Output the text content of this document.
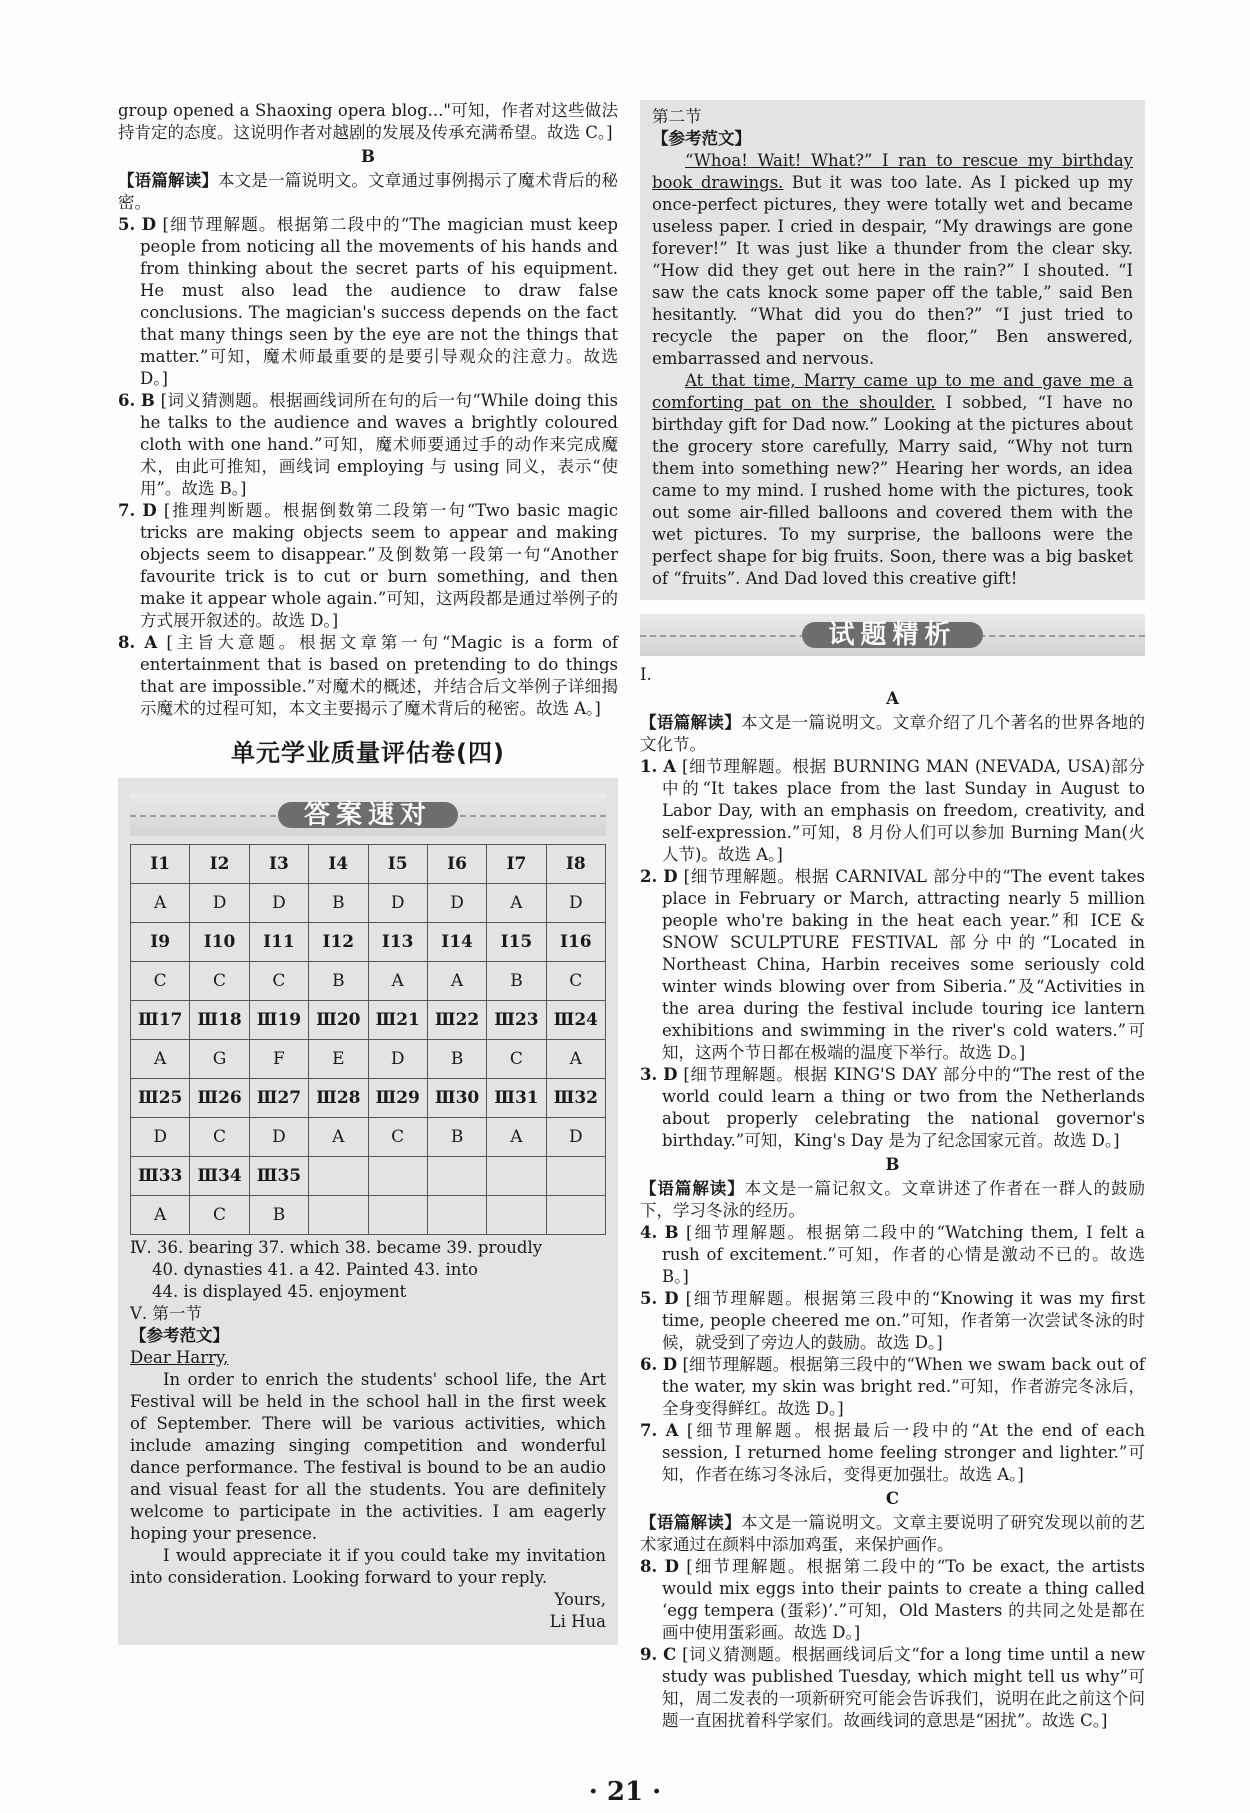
group opened a Shaoxing opera blog..."可知，作者对这些做法持肯定的态度。这说明作者对越剧的发展及传承充满希望。故选 C。]

B

【语篇解读】本文是一篇说明文。文章通过事例揭示了魔术背后的秘密。

5. D [细节理解题。根据第二段中的“The magician must keep people from noticing all the movements of his hands and from thinking about the secret parts of his equipment. He must also lead the audience to draw false conclusions. The magician's success depends on the fact that many things seen by the eye are not the things that matter.”可知，魔术师最重要的是要引导观众的注意力。故选 D。]

6. B [词义猜测题。根据画线词所在句的后一句“While doing this he talks to the audience and waves a brightly coloured cloth with one hand.”可知，魔术师要通过手的动作来完成魔术，由此可推知，画线词 employing 与 using 同义，表示“使用”。故选 B。]

7. D [推理判断题。根据倒数第二段第一句“Two basic magic tricks are making objects seem to appear and making objects seem to disappear.”及倒数第一段第一句“Another favourite trick is to cut or burn something, and then make it appear whole again.”可知，这两段都是通过举例子的方式展开叙述的。故选 D。]

8. A [主旨大意题。根据文章第一句“Magic is a form of entertainment that is based on pretending to do things that are impossible.”对魔术的概述，并结合后文举例子详细揭示魔术的过程可知，本文主要揭示了魔术背后的秘密。故选 A。]

单元学业质量评估卷(四)
答案速对
Ⅰ1	Ⅰ2	Ⅰ3	Ⅰ4	Ⅰ5	Ⅰ6	Ⅰ7	Ⅰ8
A	D	D	B	D	D	A	D
Ⅰ9	Ⅰ10	Ⅰ11	Ⅰ12	Ⅰ13	Ⅰ14	Ⅰ15	Ⅰ16
C	C	C	B	A	A	B	C
Ⅲ17	Ⅲ18	Ⅲ19	Ⅲ20	Ⅲ21	Ⅲ22	Ⅲ23	Ⅲ24
A	G	F	E	D	B	C	A
Ⅲ25	Ⅲ26	Ⅲ27	Ⅲ28	Ⅲ29	Ⅲ30	Ⅲ31	Ⅲ32
D	C	D	A	C	B	A	D
Ⅲ33	Ⅲ34	Ⅲ35					
A	C	B					

Ⅳ. 36. bearing 37. which 38. became 39. proudly

40. dynasties 41. a 42. Painted 43. into

44. is displayed 45. enjoyment

Ⅴ. 第一节

【参考范文】

Dear Harry,

In order to enrich the students' school life, the Art Festival will be held in the school hall in the first week of September. There will be various activities, which include amazing singing competition and wonderful dance performance. The festival is bound to be an audio and visual feast for all the students. You are definitely welcome to participate in the activities. I am eagerly hoping your presence.

I would appreciate it if you could take my invitation into consideration. Looking forward to your reply.

Yours,

Li Hua

第二节

【参考范文】

“Whoa! Wait! What?” I ran to rescue my birthday book drawings. But it was too late. As I picked up my once-perfect pictures, they were totally wet and became useless paper. I cried in despair, “My drawings are gone forever!” It was just like a thunder from the clear sky. “How did they get out here in the rain?” I shouted. “I saw the cats knock some paper off the table,” said Ben hesitantly. “What did you do then?” “I just tried to recycle the paper on the floor,” Ben answered, embarrassed and nervous.

At that time, Marry came up to me and gave me a comforting pat on the shoulder. I sobbed, “I have no birthday gift for Dad now.” Looking at the pictures about the grocery store carefully, Marry said, “Why not turn them into something new?” Hearing her words, an idea came to my mind. I rushed home with the pictures, took out some air-filled balloons and covered them with the wet pictures. To my surprise, the balloons were the perfect shape for big fruits. Soon, there was a big basket of “fruits”. And Dad loved this creative gift!

试题精析

Ⅰ.

A

【语篇解读】本文是一篇说明文。文章介绍了几个著名的世界各地的文化节。

1. A [细节理解题。根据 BURNING MAN (NEVADA, USA)部分中的“It takes place from the last Sunday in August to Labor Day, with an emphasis on freedom, creativity, and self-expression.”可知，8 月份人们可以参加 Burning Man(火人节)。故选 A。]

2. D [细节理解题。根据 CARNIVAL 部分中的“The event takes place in February or March, attracting nearly 5 million people who're baking in the heat each year.”和 ICE & SNOW SCULPTURE FESTIVAL 部分中的“Located in Northeast China, Harbin receives some seriously cold winter winds blowing over from Siberia.”及“Activities in the area during the festival include touring ice lantern exhibitions and swimming in the river's cold waters.”可知，这两个节日都在极端的温度下举行。故选 D。]

3. D [细节理解题。根据 KING'S DAY 部分中的“The rest of the world could learn a thing or two from the Netherlands about properly celebrating the national governor's birthday.”可知，King's Day 是为了纪念国家元首。故选 D。]

B

【语篇解读】本文是一篇记叙文。文章讲述了作者在一群人的鼓励下，学习冬泳的经历。

4. B [细节理解题。根据第二段中的“Watching them, I felt a rush of excitement.”可知，作者的心情是激动不已的。故选 B。]

5. D [细节理解题。根据第三段中的“Knowing it was my first time, people cheered me on.”可知，作者第一次尝试冬泳的时候，就受到了旁边人的鼓励。故选 D。]

6. D [细节理解题。根据第三段中的“When we swam back out of the water, my skin was bright red.”可知，作者游完冬泳后，全身变得鲜红。故选 D。]

7. A [细节理解题。根据最后一段中的“At the end of each session, I returned home feeling stronger and lighter.”可知，作者在练习冬泳后，变得更加强壮。故选 A。]

C

【语篇解读】本文是一篇说明文。文章主要说明了研究发现以前的艺术家通过在颜料中添加鸡蛋，来保护画作。

8. D [细节理解题。根据第二段中的“To be exact, the artists would mix eggs into their paints to create a thing called ‘egg tempera (蛋彩)’.”可知，Old Masters 的共同之处是都在画中使用蛋彩画。故选 D。]

9. C [词义猜测题。根据画线词后文“for a long time until a new study was published Tuesday, which might tell us why”可知，周二发表的一项新研究可能会告诉我们，说明在此之前这个问题一直困扰着科学家们。故画线词的意思是“困扰”。故选 C。]

· 21 ·
